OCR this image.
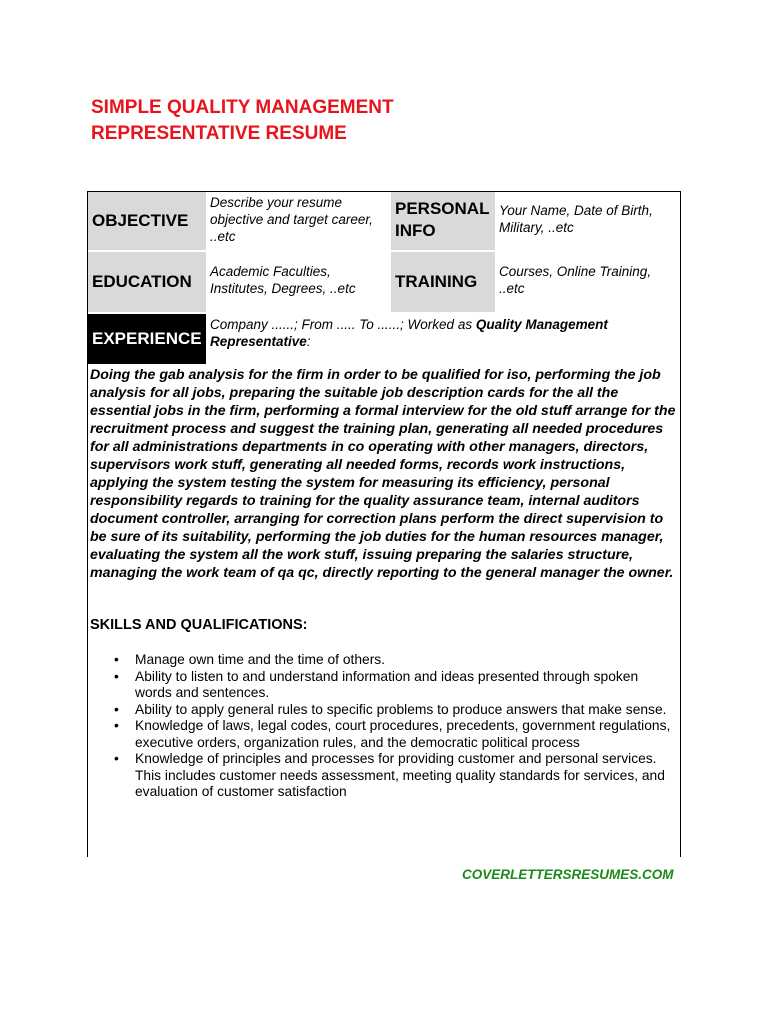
SIMPLE QUALITY MANAGEMENT
REPRESENTATIVE RESUME
OBJECTIVE
Describe your resume objective and target career, ..etc
PERSONAL
INFO
Your Name, Date of Birth, Military, ..etc
EDUCATION
Academic Faculties, Institutes, Degrees, ..etc	TRAINING
Courses, Online Training, ..etc
EXPERIENCE
Company ......; From ..... To ......; Worked as Quality Management Representative:

Doing the gab analysis for the firm in order to be qualified for iso, performing the job analysis for all jobs, preparing the suitable job description cards for the all the essential jobs in the firm, performing a formal interview for the old stuff arrange for the recruitment process and suggest the training plan, generating all needed procedures for all administrations departments in co operating with other managers, directors, supervisors work stuff, generating all needed forms, records work instructions, applying the system testing the system for measuring its efficiency, personal responsibility regards to training for the quality assurance team, internal auditors document controller, arranging for correction plans perform the direct supervision to be sure of its suitability, performing the job duties for the human resources manager, evaluating the system all the work stuff, issuing preparing the salaries structure, managing the work team of qa qc, directly reporting to the general manager the owner.

SKILLS AND QUALIFICATIONS:

• Manage own time and the time of others.
• Ability to listen to and understand information and ideas presented through spoken words and sentences.
• Ability to apply general rules to specific problems to produce answers that make sense.
• Knowledge of laws, legal codes, court procedures, precedents, government regulations, executive orders, organization rules, and the democratic political process
• Knowledge of principles and processes for providing customer and personal services. This includes customer needs assessment, meeting quality standards for services, and evaluation of customer satisfaction

COVERLETTERSRESUMES.COM
